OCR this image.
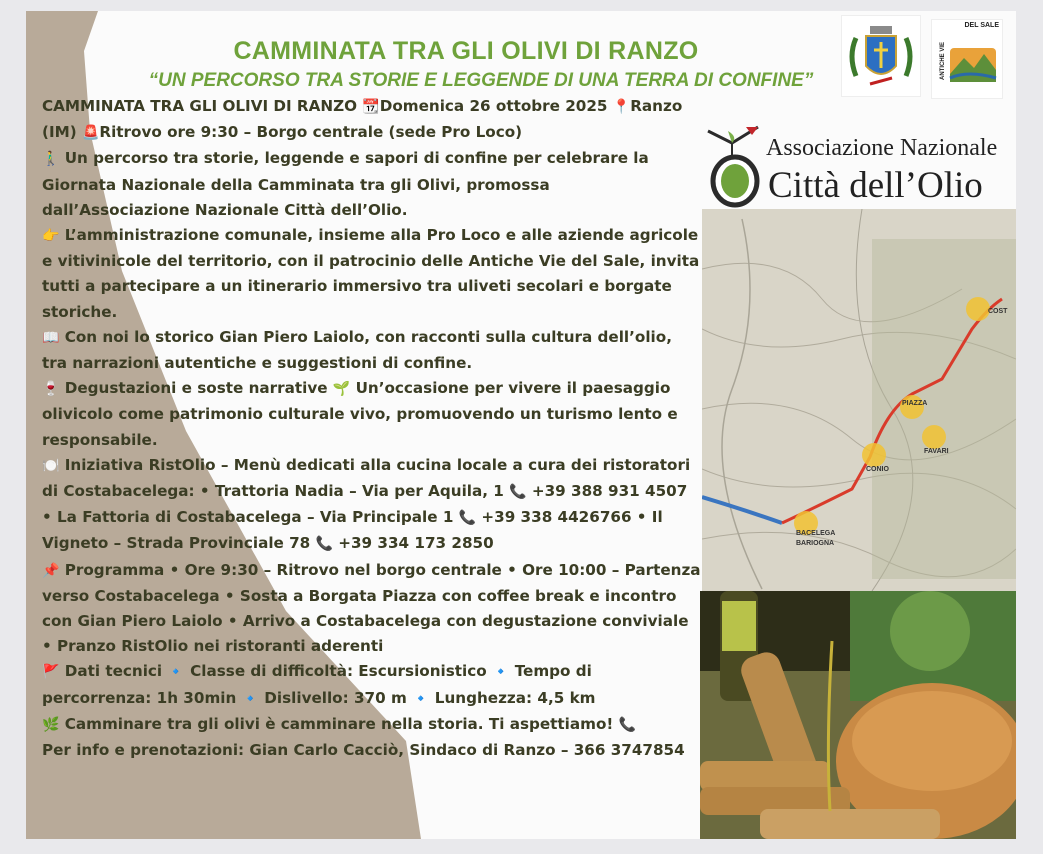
CAMMINATA TRA GLI OLIVI DI RANZO
“UN PERCORSO TRA STORIE E LEGGENDE DI UNA TERRA DI CONFINE”
ANTICHE VIE
DEL SALE
Associazione Nazionale
Città dell’Olio
COST
PIAZZA
FAVARI
CONIO
BACELEGA
BARIOGNA

CAMMINATA TRA GLI OLIVI DI RANZO 📆Domenica 26 ottobre 2025 📍Ranzo (IM) 🚨Ritrovo ore 9:30 – Borgo centrale (sede Pro Loco)

🚶‍♂️ Un percorso tra storie, leggende e sapori di confine per celebrare la Giornata Nazionale della Camminata tra gli Olivi, promossa dall’Associazione Nazionale Città dell’Olio.

👉 L’amministrazione comunale, insieme alla Pro Loco e alle aziende agricole e vitivinicole del territorio, con il patrocinio delle Antiche Vie del Sale, invita tutti a partecipare a un itinerario immersivo tra uliveti secolari e borgate storiche.

📖 Con noi lo storico Gian Piero Laiolo, con racconti sulla cultura dell’olio, tra narrazioni autentiche e suggestioni di confine.

🍷 Degustazioni e soste narrative 🌱 Un’occasione per vivere il paesaggio olivicolo come patrimonio culturale vivo, promuovendo un turismo lento e responsabile.

🍽️ Iniziativa RistOlio – Menù dedicati alla cucina locale a cura dei ristoratori di Costabacelega: • Trattoria Nadia – Via per Aquila, 1 📞 +39 388 931 4507 • La Fattoria di Costabacelega – Via Principale 1 📞 +39 338 4426766 • Il Vigneto – Strada Provinciale 78 📞 +39 334 173 2850

📌 Programma • Ore 9:30 – Ritrovo nel borgo centrale • Ore 10:00 – Partenza verso Costabacelega • Sosta a Borgata Piazza con coffee break e incontro con Gian Piero Laiolo • Arrivo a Costabacelega con degustazione conviviale • Pranzo RistOlio nei ristoranti aderenti

🚩 Dati tecnici 🔹 Classe di difficoltà: Escursionistico 🔹 Tempo di percorrenza: 1h 30min 🔹 Dislivello: 370 m 🔹 Lunghezza: 4,5 km

🌿 Camminare tra gli olivi è camminare nella storia. Ti aspettiamo! 📞

Per info e prenotazioni: Gian Carlo Cacciò, Sindaco di Ranzo – 366 3747854
